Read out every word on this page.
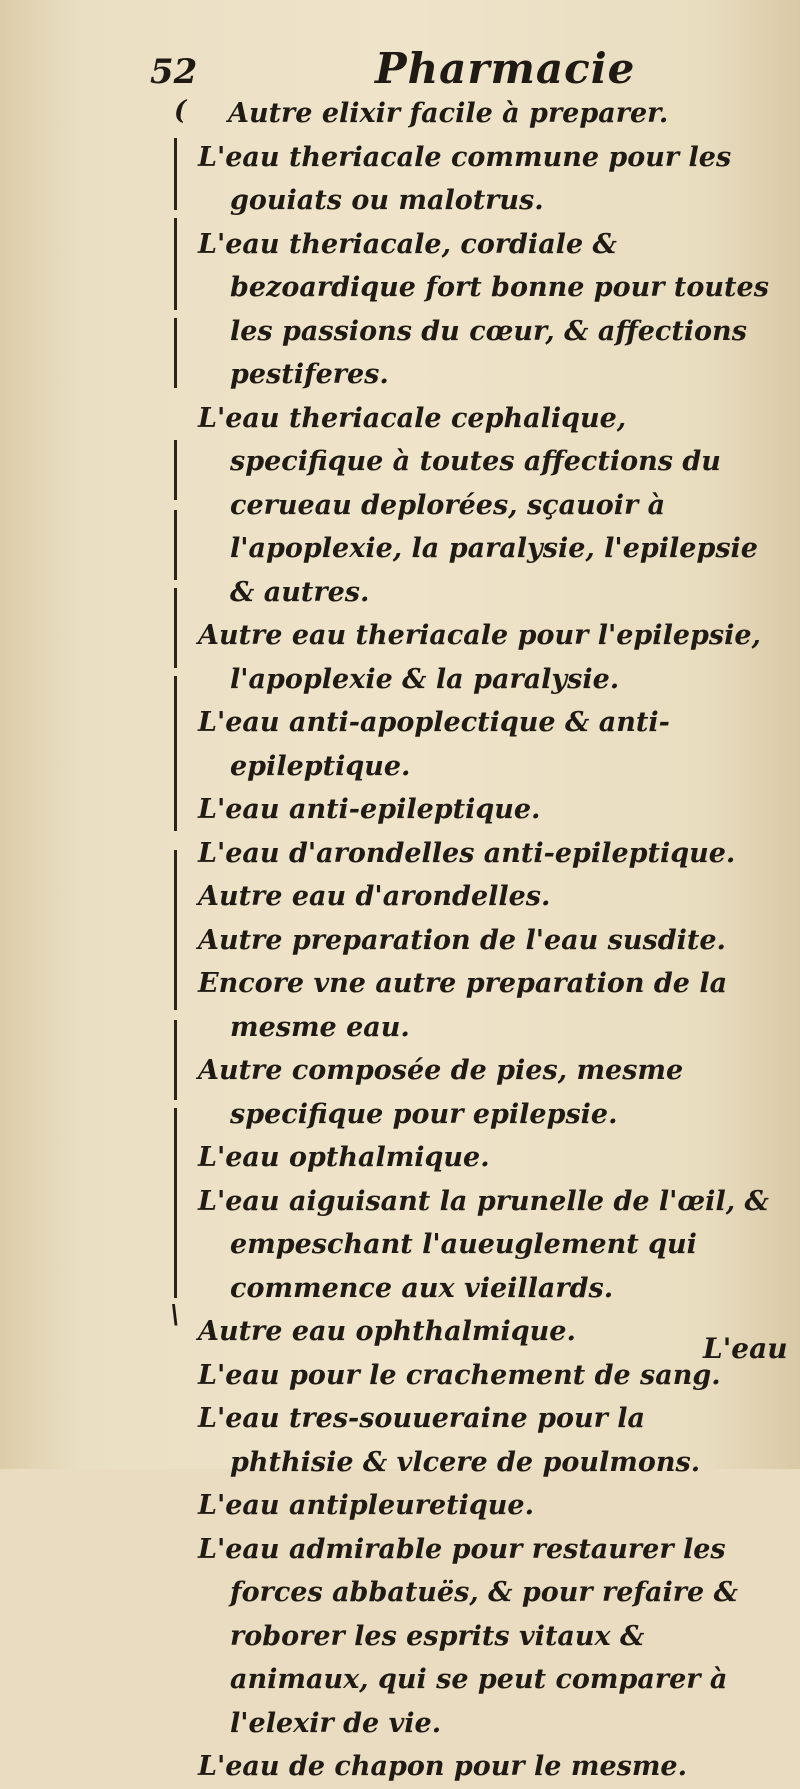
52	Pharmacie
(
\

Autre elixir facile à preparer.

L'eau theriacale commune pour les gouiats ou malotrus.

L'eau theriacale, cordiale & bezoardique fort bonne pour toutes les passions du cœur, & affections pestiferes.

L'eau theriacale cephalique, specifique à toutes affections du cerueau deplorées, sçauoir à l'apoplexie, la paralysie, l'epilepsie & autres.

Autre eau theriacale pour l'epilepsie, l'apoplexie & la paralysie.

L'eau anti-apoplectique & anti-epileptique.

L'eau anti-epileptique.

L'eau d'arondelles anti-epileptique.

Autre eau d'arondelles.

Autre preparation de l'eau susdite.

Encore vne autre preparation de la mesme eau.

Autre composée de pies, mesme specifique pour epilepsie.

L'eau opthalmique.

L'eau aiguisant la prunelle de l'œil, & empeschant l'aueuglement qui commence aux vieillards.

Autre eau ophthalmique.

L'eau pour le crachement de sang.

L'eau tres-souueraine pour la phthisie & vlcere de poulmons.

L'eau antipleuretique.

L'eau admirable pour restaurer les forces abbatuës, & pour refaire & roborer les esprits vitaux & animaux, qui se peut comparer à l'elexir de vie.

L'eau de chapon pour le mesme.

L'eau
